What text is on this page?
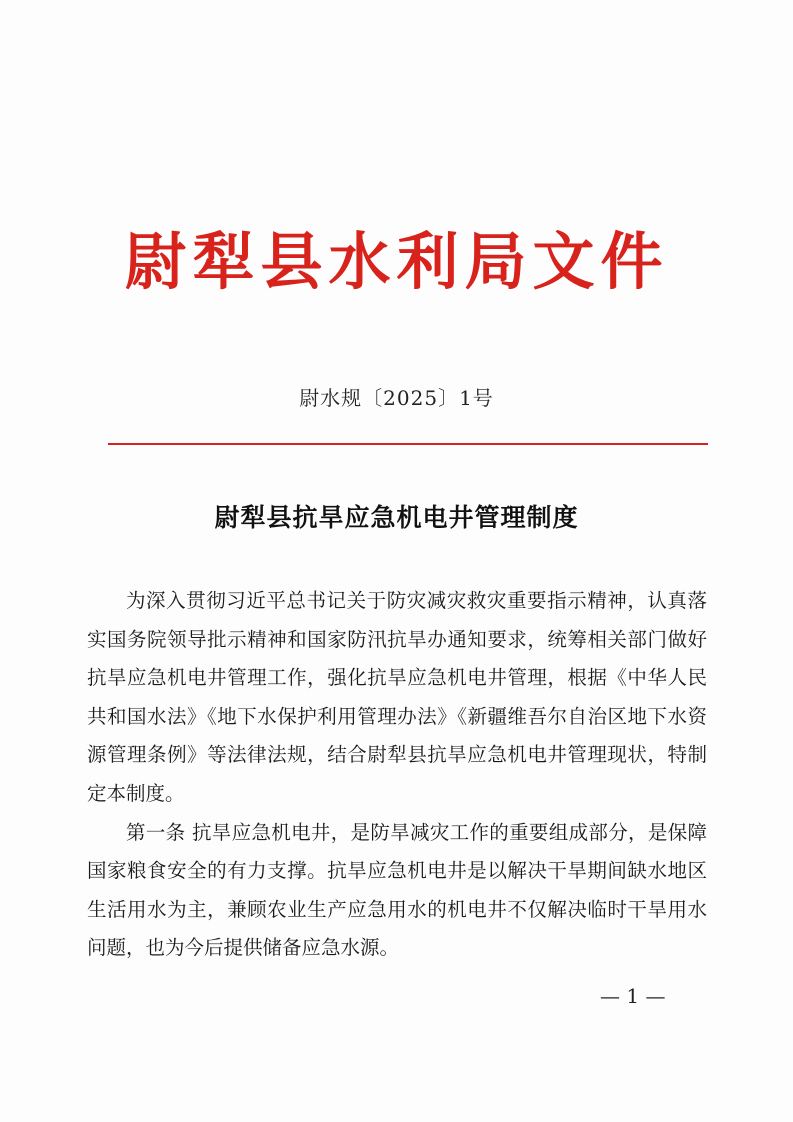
尉犁县水利局文件
尉水规〔2025〕1号
尉犁县抗旱应急机电井管理制度

为深入贯彻习近平总书记关于防灾减灾救灾重要指示精神，认真落实国务院领导批示精神和国家防汛抗旱办通知要求，统筹相关部门做好抗旱应急机电井管理工作，强化抗旱应急机电井管理，根据《中华人民共和国水法》《地下水保护利用管理办法》《新疆维吾尔自治区地下水资源管理条例》等法律法规，结合尉犁县抗旱应急机电井管理现状，特制定本制度。

第一条 抗旱应急机电井，是防旱减灾工作的重要组成部分，是保障国家粮食安全的有力支撑。抗旱应急机电井是以解决干旱期间缺水地区生活用水为主，兼顾农业生产应急用水的机电井不仅解决临时干旱用水问题，也为今后提供储备应急水源。

— 1 —
